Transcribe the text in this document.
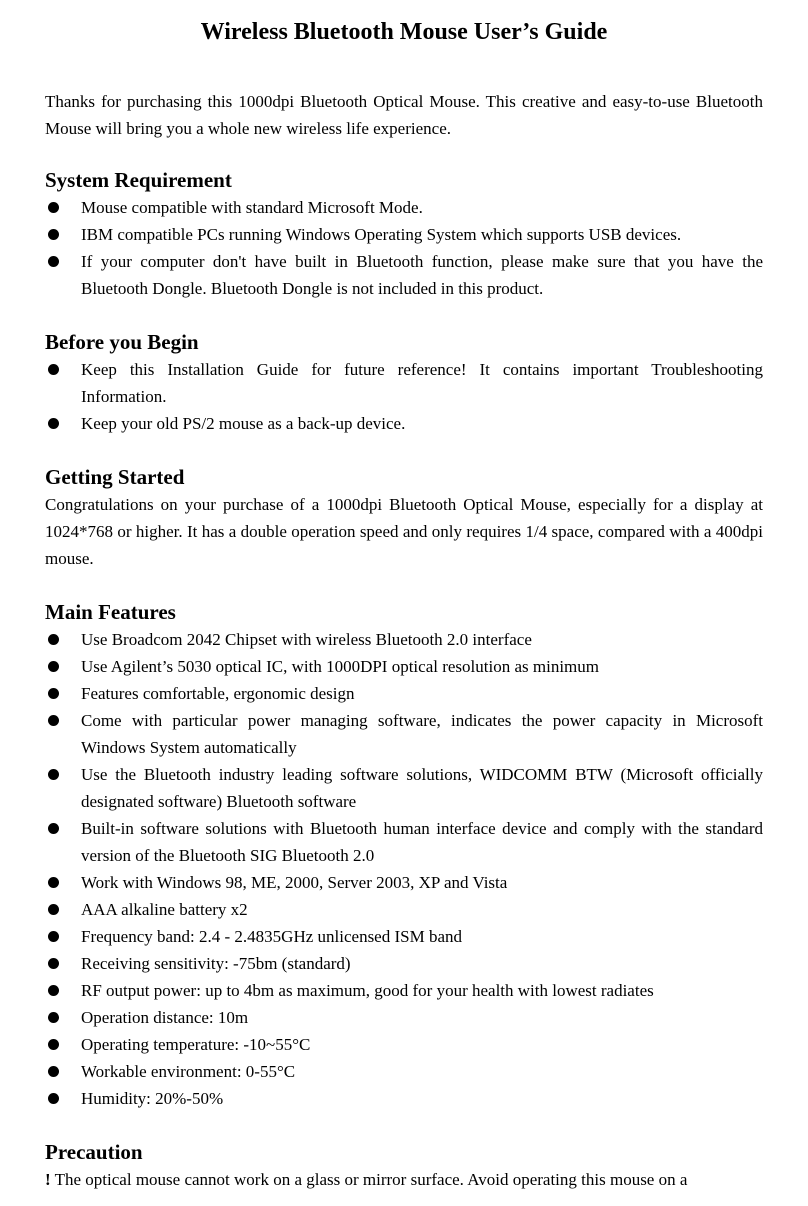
Wireless Bluetooth Mouse User’s Guide

Thanks for purchasing this 1000dpi Bluetooth Optical Mouse. This creative and easy-to-use Bluetooth Mouse will bring you a whole new wireless life experience.

System Requirement
Mouse compatible with standard Microsoft Mode.
IBM compatible PCs running Windows Operating System which supports USB devices.
If your computer don't have built in Bluetooth function, please make sure that you have the Bluetooth Dongle. Bluetooth Dongle is not included in this product.
Before you Begin
Keep this Installation Guide for future reference! It contains important Troubleshooting Information.
Keep your old PS/2 mouse as a back-up device.
Getting Started
Congratulations on your purchase of a 1000dpi Bluetooth Optical Mouse, especially for a display at 1024*768 or higher. It has a double operation speed and only requires 1/4 space, compared with a 400dpi mouse.
Main Features
Use Broadcom 2042 Chipset with wireless Bluetooth 2.0 interface
Use Agilent’s 5030 optical IC, with 1000DPI optical resolution as minimum
Features comfortable, ergonomic design
Come with particular power managing software, indicates the power capacity in Microsoft Windows System automatically
Use the Bluetooth industry leading software solutions, WIDCOMM BTW (Microsoft officially designated software) Bluetooth software
Built-in software solutions with Bluetooth human interface device and comply with the standard version of the Bluetooth SIG Bluetooth 2.0
Work with Windows 98, ME, 2000, Server 2003, XP and Vista
AAA alkaline battery x2
Frequency band: 2.4 - 2.4835GHz unlicensed ISM band
Receiving sensitivity: -75bm (standard)
RF output power: up to 4bm as maximum, good for your health with lowest radiates
Operation distance: 10m
Operating temperature: -10~55°C
Workable environment: 0-55°C
Humidity: 20%-50%
Precaution
! The optical mouse cannot work on a glass or mirror surface. Avoid operating this mouse on a
